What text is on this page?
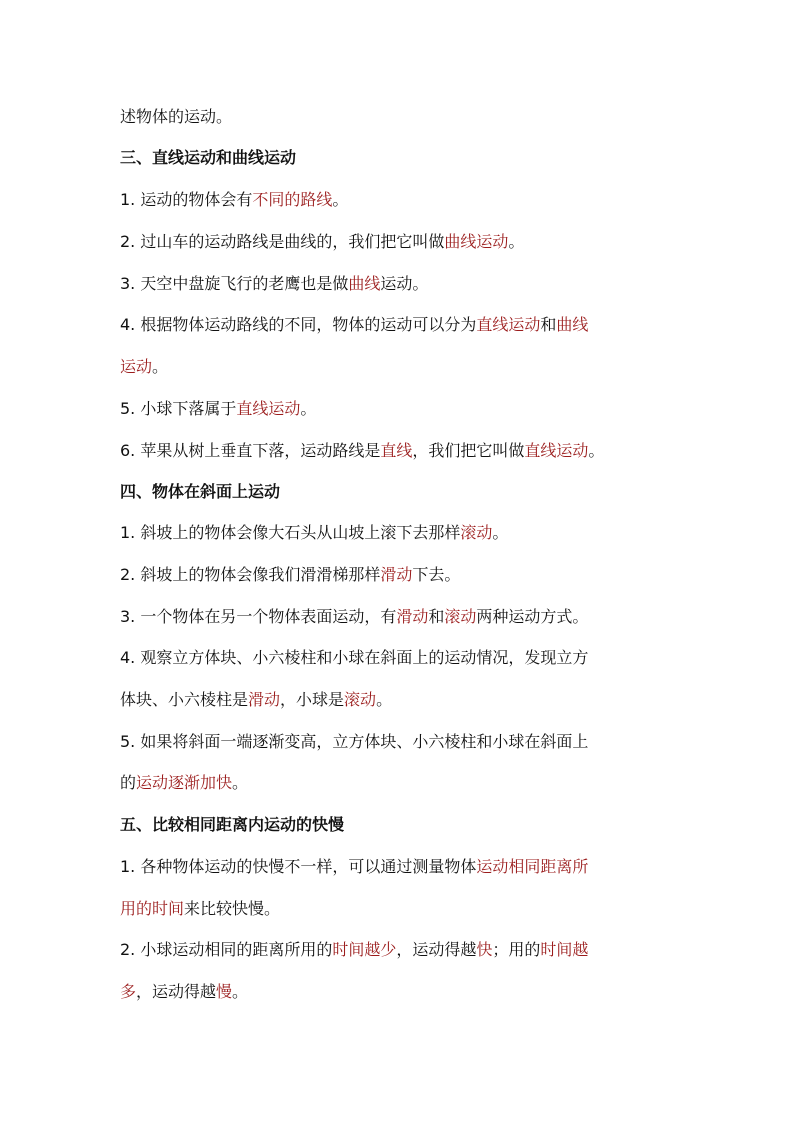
述物体的运动。
三、直线运动和曲线运动
1. 运动的物体会有不同的路线。
2. 过山车的运动路线是曲线的，我们把它叫做曲线运动。
3. 天空中盘旋飞行的老鹰也是做曲线运动。
4. 根据物体运动路线的不同，物体的运动可以分为直线运动和曲线
运动。
5. 小球下落属于直线运动。
6. 苹果从树上垂直下落，运动路线是直线，我们把它叫做直线运动。
四、物体在斜面上运动
1. 斜坡上的物体会像大石头从山坡上滚下去那样滚动。
2. 斜坡上的物体会像我们滑滑梯那样滑动下去。
3. 一个物体在另一个物体表面运动，有滑动和滚动两种运动方式。
4. 观察立方体块、小六棱柱和小球在斜面上的运动情况，发现立方
体块、小六棱柱是滑动，小球是滚动。
5. 如果将斜面一端逐渐变高，立方体块、小六棱柱和小球在斜面上
的运动逐渐加快。
五、比较相同距离内运动的快慢
1. 各种物体运动的快慢不一样，可以通过测量物体运动相同距离所
用的时间来比较快慢。
2. 小球运动相同的距离所用的时间越少，运动得越快；用的时间越
多，运动得越慢。
